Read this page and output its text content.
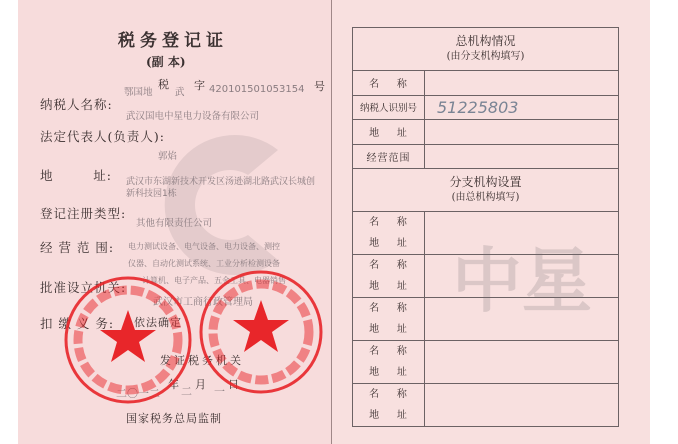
税务登记证
(副 本)
鄂国地
税
武
字 420101501053154 号
纳税人名称:
武汉国电中星电力设备有限公司
法定代表人(负责人):
郭焰
地        址: 武汉市东湖新技术开发区汤逊湖北路武汉长城创新科技园1栋
登记注册类型:
其他有限责任公司
经 营 范 围: 电力测试设备、电气设备、电力设备、测控
仪器、自动化测试系统、工业分析检测设备
计算机、电子产品、五金工具、电器销售
批准设立机关:
武汉市工商行政管理局
扣 缴 义 务: 依法确定
发证税务机关
二〇一二
年
二
月
一
日
国家税务总局监制
总机构情况
(由分支机构填写)	

名    称	
纳税人识别号	51225803
地    址	
经营范围	
分支机构设置
(由总机构填写)	

名    称
地    址	

名    称
地    址	

名    称
地    址	

名    称
地    址	

名    称
地    址	

中星
